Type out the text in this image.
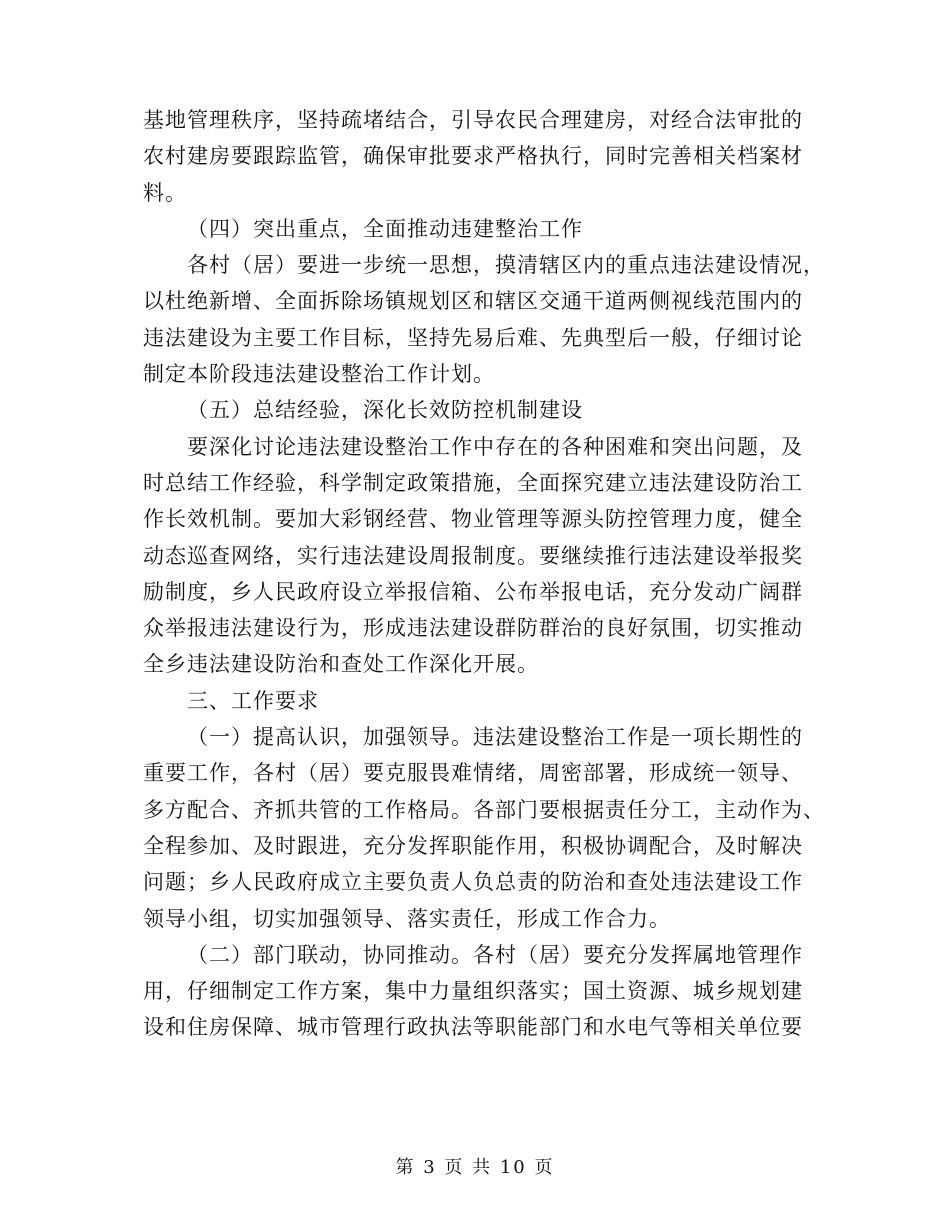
基地管理秩序，坚持疏堵结合，引导农民合理建房，对经合法审批的
农村建房要跟踪监管，确保审批要求严格执行，同时完善相关档案材
料。
（四）突出重点，全面推动违建整治工作
各村（居）要进一步统一思想，摸清辖区内的重点违法建设情况，
以杜绝新增、全面拆除场镇规划区和辖区交通干道两侧视线范围内的
违法建设为主要工作目标，坚持先易后难、先典型后一般，仔细讨论
制定本阶段违法建设整治工作计划。
（五）总结经验，深化长效防控机制建设
要深化讨论违法建设整治工作中存在的各种困难和突出问题，及
时总结工作经验，科学制定政策措施，全面探究建立违法建设防治工
作长效机制。要加大彩钢经营、物业管理等源头防控管理力度，健全
动态巡查网络，实行违法建设周报制度。要继续推行违法建设举报奖
励制度，乡人民政府设立举报信箱、公布举报电话，充分发动广阔群
众举报违法建设行为，形成违法建设群防群治的良好氛围，切实推动
全乡违法建设防治和查处工作深化开展。
三、工作要求
（一）提高认识，加强领导。违法建设整治工作是一项长期性的
重要工作，各村（居）要克服畏难情绪，周密部署，形成统一领导、
多方配合、齐抓共管的工作格局。各部门要根据责任分工，主动作为、
全程参加、及时跟进，充分发挥职能作用，积极协调配合，及时解决
问题；乡人民政府成立主要负责人负总责的防治和查处违法建设工作
领导小组，切实加强领导、落实责任，形成工作合力。
（二）部门联动，协同推动。各村（居）要充分发挥属地管理作
用，仔细制定工作方案，集中力量组织落实；国土资源、城乡规划建
设和住房保障、城市管理行政执法等职能部门和水电气等相关单位要
第 3 页 共 10 页
